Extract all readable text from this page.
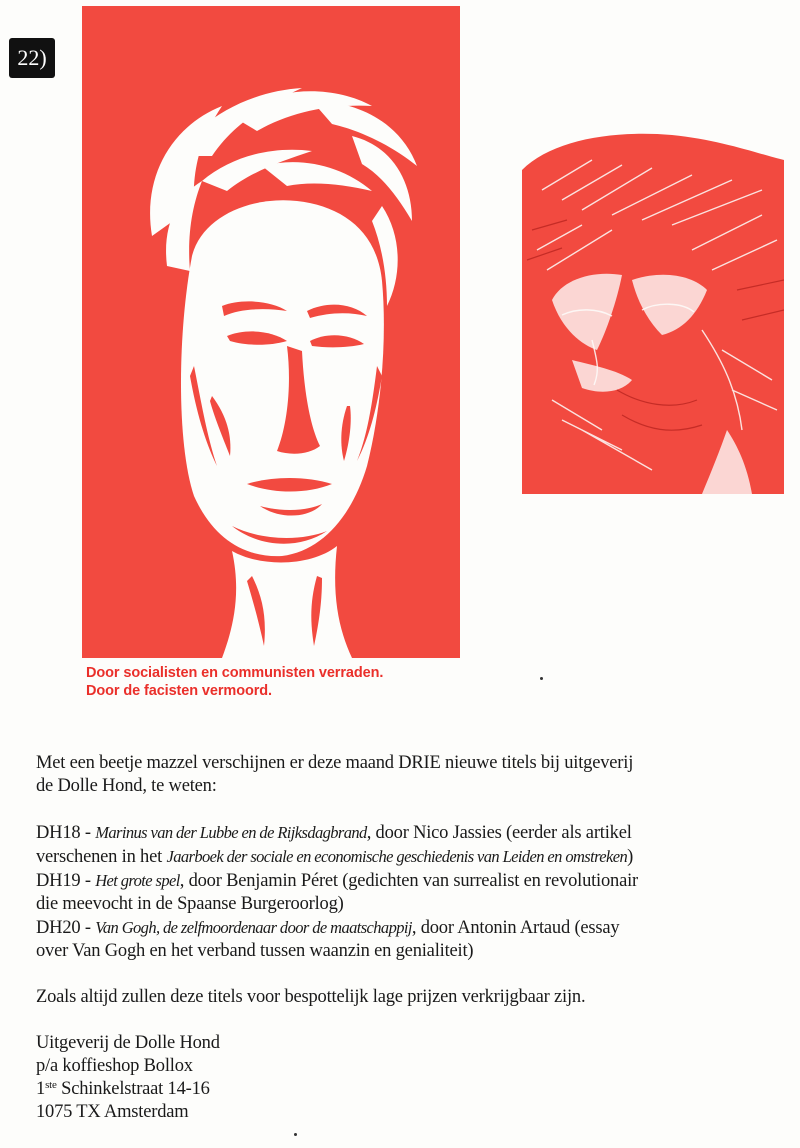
22)
Door socialisten en communisten verraden.
Door de facisten vermoord.

Met een beetje mazzel verschijnen er deze maand DRIE nieuwe titels bij uitgeverij

de Dolle Hond, te weten:

DH18 - Marinus van der Lubbe en de Rijksdagbrand, door Nico Jassies (eerder als artikel

verschenen in het Jaarboek der sociale en economische geschiedenis van Leiden en omstreken)

DH19 - Het grote spel, door Benjamin Péret (gedichten van surrealist en revolutionair

die meevocht in de Spaanse Burgeroorlog)

DH20 - Van Gogh, de zelfmoordenaar door de maatschappij, door Antonin Artaud (essay

over Van Gogh en het verband tussen waanzin en genialiteit)

Zoals altijd zullen deze titels voor bespottelijk lage prijzen verkrijgbaar zijn.

Uitgeverij de Dolle Hond

p/a koffieshop Bollox

1ste Schinkelstraat 14-16

1075 TX Amsterdam
